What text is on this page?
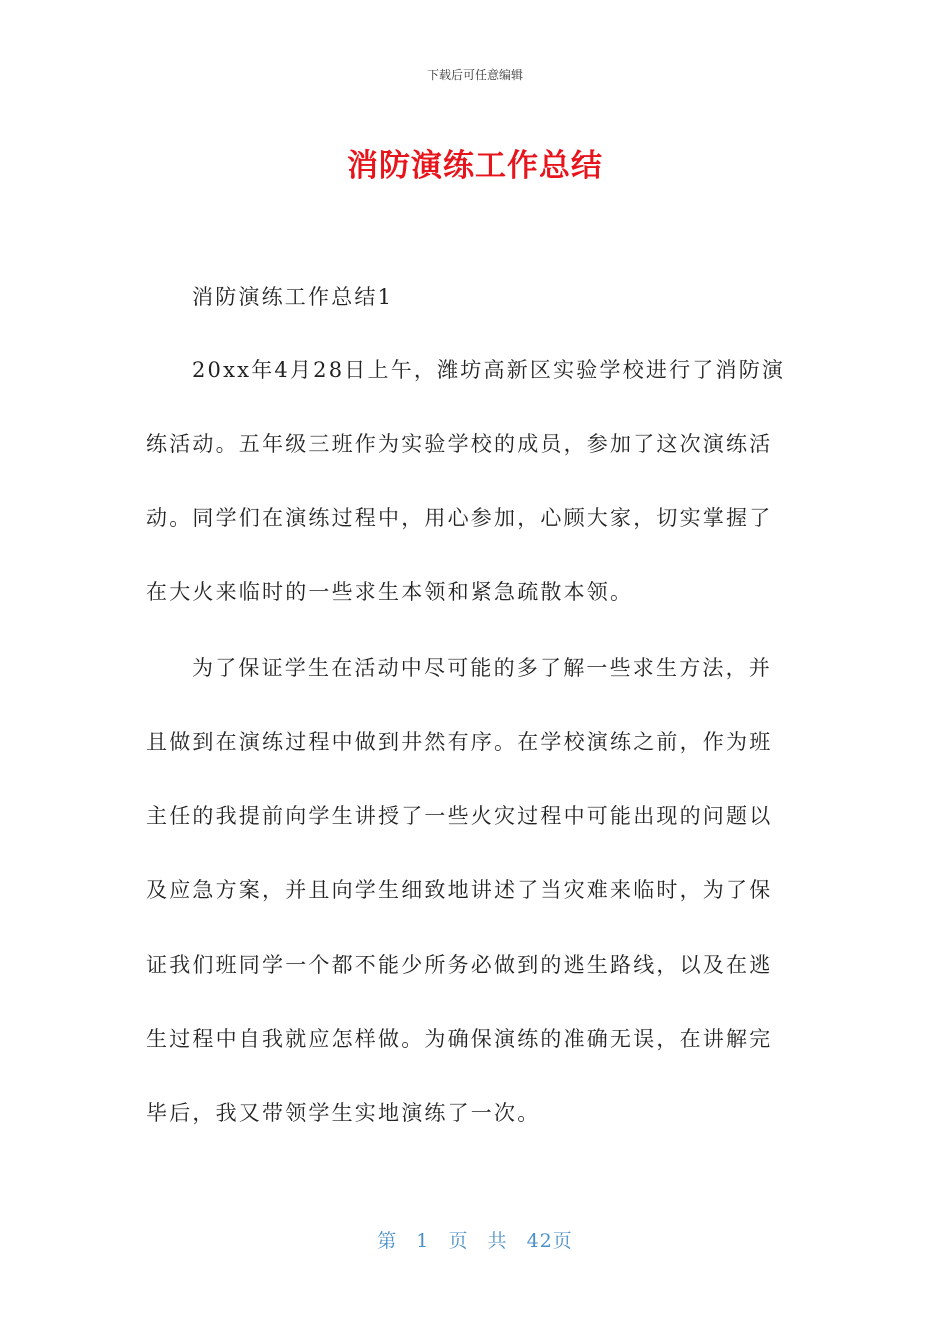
下载后可任意编辑
消防演练工作总结
消防演练工作总结1
20xx年4月28日上午，潍坊高新区实验学校进行了消防演
练活动。五年级三班作为实验学校的成员，参加了这次演练活
动。同学们在演练过程中，用心参加，心顾大家，切实掌握了
在大火来临时的一些求生本领和紧急疏散本领。
为了保证学生在活动中尽可能的多了解一些求生方法，并
且做到在演练过程中做到井然有序。在学校演练之前，作为班
主任的我提前向学生讲授了一些火灾过程中可能出现的问题以
及应急方案，并且向学生细致地讲述了当灾难来临时，为了保
证我们班同学一个都不能少所务必做到的逃生路线，以及在逃
生过程中自我就应怎样做。为确保演练的准确无误，在讲解完
毕后，我又带领学生实地演练了一次。
第 1 页 共 42页
